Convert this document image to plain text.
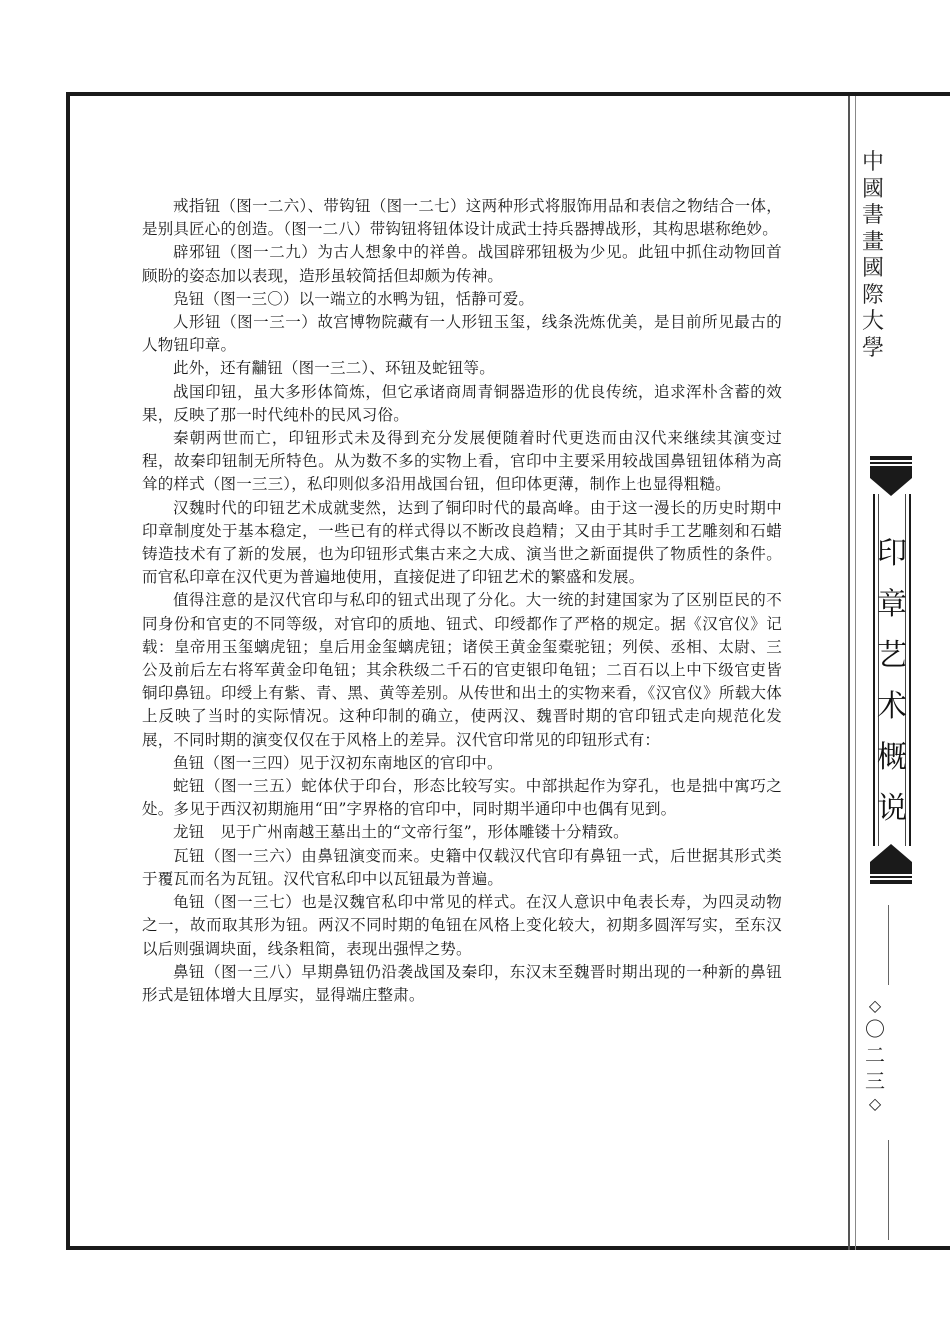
戒指钮（图一二六）、带钩钮（图一二七）这两种形式将服饰用品和表信之物结合一体，是别具匠心的创造。（图一二八）带钩钮将钮体设计成武士持兵器搏战形，其构思堪称绝妙。

辟邪钮（图一二九）为古人想象中的祥兽。战国辟邪钮极为少见。此钮中抓住动物回首顾盼的姿态加以表现，造形虽较简括但却颇为传神。

凫钮（图一三〇）以一端立的水鸭为钮，恬静可爱。

人形钮（图一三一）故宫博物院藏有一人形钮玉玺，线条洗炼优美，是目前所见最古的人物钮印章。

此外，还有黼钮（图一三二）、环钮及蛇钮等。

战国印钮，虽大多形体简炼，但它承诸商周青铜器造形的优良传统，追求浑朴含蓄的效果，反映了那一时代纯朴的民风习俗。

秦朝两世而亡，印钮形式未及得到充分发展便随着时代更迭而由汉代来继续其演变过程，故秦印钮制无所特色。从为数不多的实物上看，官印中主要采用较战国鼻钮钮体稍为高耸的样式（图一三三），私印则似多沿用战国台钮，但印体更薄，制作上也显得粗糙。

汉魏时代的印钮艺术成就斐然，达到了铜印时代的最高峰。由于这一漫长的历史时期中印章制度处于基本稳定，一些已有的样式得以不断改良趋精；又由于其时手工艺雕刻和石蜡铸造技术有了新的发展，也为印钮形式集古来之大成、演当世之新面提供了物质性的条件。而官私印章在汉代更为普遍地使用，直接促进了印钮艺术的繁盛和发展。

值得注意的是汉代官印与私印的钮式出现了分化。大一统的封建国家为了区别臣民的不同身份和官吏的不同等级，对官印的质地、钮式、印绶都作了严格的规定。据《汉官仪》记载：皇帝用玉玺螭虎钮；皇后用金玺螭虎钮；诸侯王黄金玺橐驼钮；列侯、丞相、太尉、三公及前后左右将军黄金印龟钮；其余秩级二千石的官吏银印龟钮；二百石以上中下级官吏皆铜印鼻钮。印绶上有紫、青、黑、黄等差别。从传世和出土的实物来看，《汉官仪》所载大体上反映了当时的实际情况。这种印制的确立，使两汉、魏晋时期的官印钮式走向规范化发展，不同时期的演变仅仅在于风格上的差异。汉代官印常见的印钮形式有：

鱼钮（图一三四）见于汉初东南地区的官印中。

蛇钮（图一三五）蛇体伏于印台，形态比较写实。中部拱起作为穿孔，也是拙中寓巧之处。多见于西汉初期施用“田”字界格的官印中，同时期半通印中也偶有见到。

龙钮　见于广州南越王墓出土的“文帝行玺”，形体雕镂十分精致。

瓦钮（图一三六）由鼻钮演变而来。史籍中仅载汉代官印有鼻钮一式，后世据其形式类于覆瓦而名为瓦钮。汉代官私印中以瓦钮最为普遍。

龟钮（图一三七）也是汉魏官私印中常见的样式。在汉人意识中龟表长寿，为四灵动物之一，故而取其形为钮。两汉不同时期的龟钮在风格上变化较大，初期多圆浑写实，至东汉以后则强调块面，线条粗简，表现出强悍之势。

鼻钮（图一三八）早期鼻钮仍沿袭战国及秦印，东汉末至魏晋时期出现的一种新的鼻钮形式是钮体增大且厚实，显得端庄整肃。

中
國
書
畫
國
際
大
學
印
章
艺
术
概
说
◇
〇
二
三
◇
